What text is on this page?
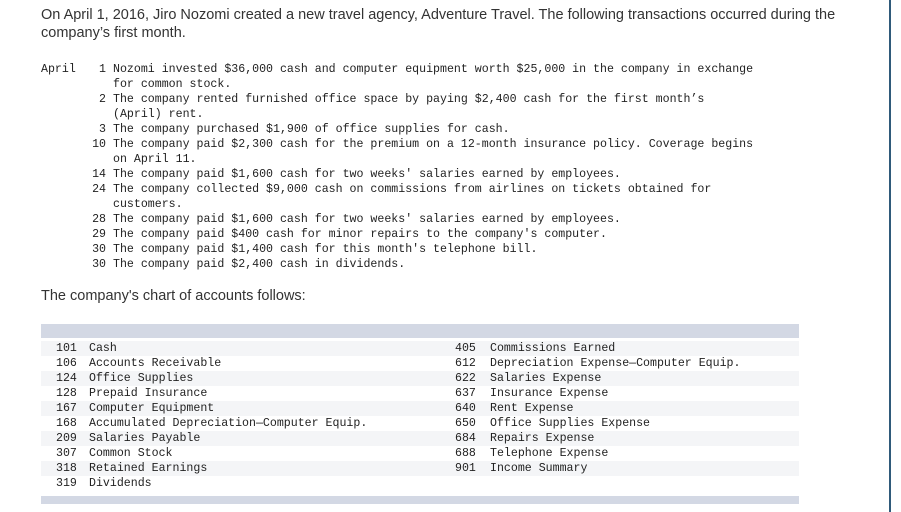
On April 1, 2016, Jiro Nozomi created a new travel agency, Adventure Travel. The following transactions occurred during the company’s first month.

April	1 Nozomi invested $36,000 cash and computer equipment worth $25,000 in the company in exchange
for common stock.
2 The company rented furnished office space by paying $2,400 cash for the first month’s
(April) rent.
3 The company purchased $1,900 of office supplies for cash.
10 The company paid $2,300 cash for the premium on a 12-month insurance policy. Coverage begins
on April 11.
14 The company paid $1,600 cash for two weeks' salaries earned by employees.
24 The company collected $9,000 cash on commissions from airlines on tickets obtained for
customers.
28 The company paid $1,600 cash for two weeks' salaries earned by employees.
29 The company paid $400 cash for minor repairs to the company's computer.
30 The company paid $1,400 cash for this month's telephone bill.
30 The company paid $2,400 cash in dividends.
The company's chart of accounts follows:
101 Cash	405 Commissions Earned
106 Accounts Receivable	612 Depreciation Expense—Computer Equip.
124 Office Supplies	622 Salaries Expense
128 Prepaid Insurance	637 Insurance Expense
167 Computer Equipment	640 Rent Expense
168 Accumulated Depreciation—Computer Equip.	650 Office Supplies Expense
209 Salaries Payable	684 Repairs Expense
307 Common Stock	688 Telephone Expense
318 Retained Earnings	901 Income Summary
319 Dividends
